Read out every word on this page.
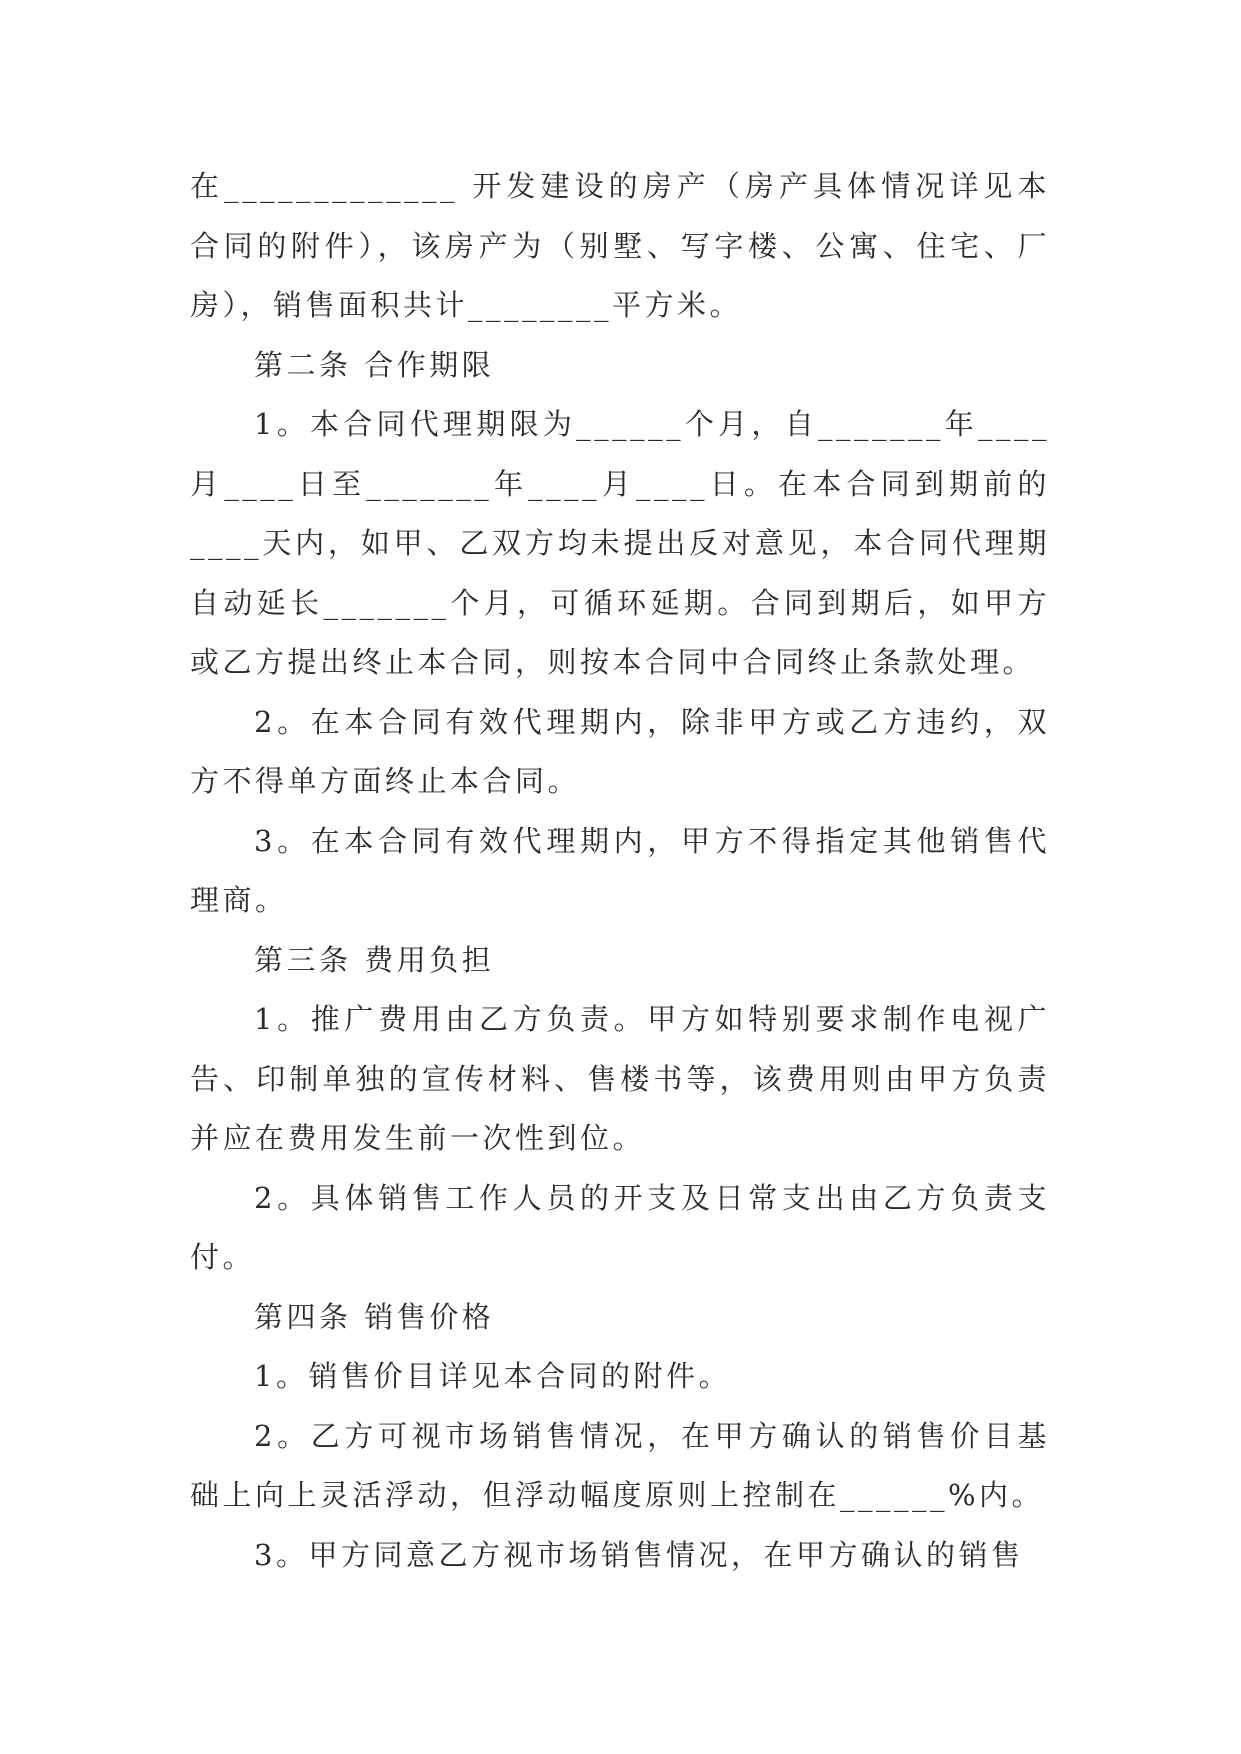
在_____________ 开发建设的房产（房产具体情况详见本合同的附件），该房产为（别墅、写字楼、公寓、住宅、厂房），销售面积共计________平方米。

第二条 合作期限

1。本合同代理期限为______个月，自_______年____月____日至_______年____月____日。在本合同到期前的____天内，如甲、乙双方均未提出反对意见，本合同代理期自动延长_______个月，可循环延期。合同到期后，如甲方或乙方提出终止本合同，则按本合同中合同终止条款处理。

2。在本合同有效代理期内，除非甲方或乙方违约，双方不得单方面终止本合同。

3。在本合同有效代理期内，甲方不得指定其他销售代理商。

第三条 费用负担

1。推广费用由乙方负责。甲方如特别要求制作电视广告、印制单独的宣传材料、售楼书等，该费用则由甲方负责并应在费用发生前一次性到位。

2。具体销售工作人员的开支及日常支出由乙方负责支付。

第四条 销售价格

1。销售价目详见本合同的附件。

2。乙方可视市场销售情况，在甲方确认的销售价目基础上向上灵活浮动，但浮动幅度原则上控制在______%内。

3。甲方同意乙方视市场销售情况，在甲方确认的销售
